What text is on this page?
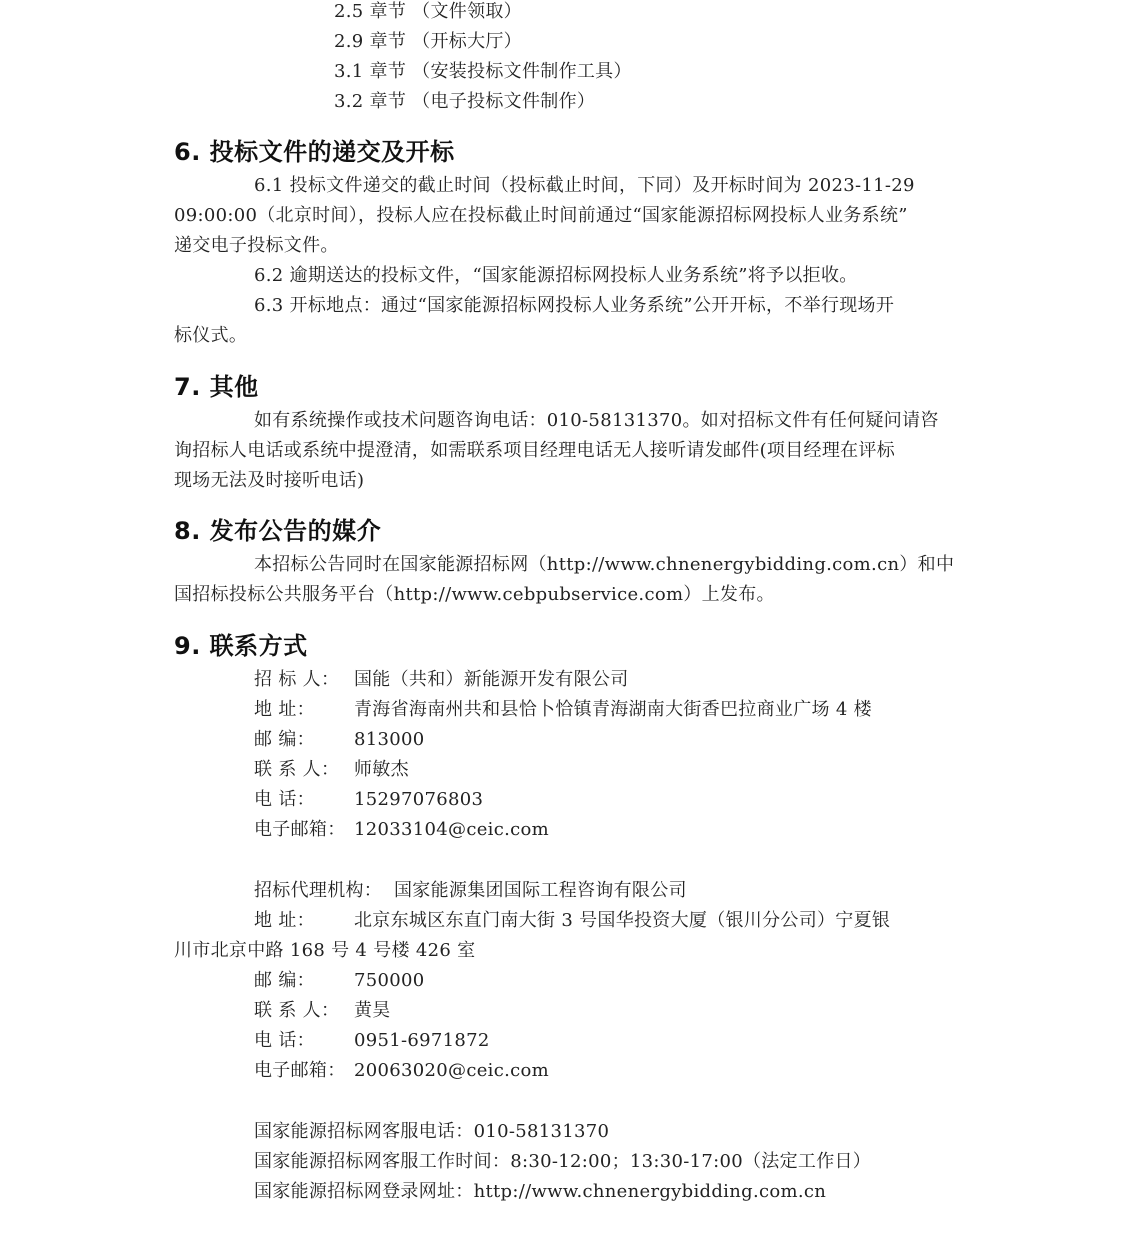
2.5 章节 （文件领取）
2.9 章节 （开标大厅）
3.1 章节 （安装投标文件制作工具）
3.2 章节 （电子投标文件制作）
6. 投标文件的递交及开标
6.1 投标文件递交的截止时间（投标截止时间，下同）及开标时间为 2023-11-29
09:00:00（北京时间），投标人应在投标截止时间前通过“国家能源招标网投标人业务系统”
递交电子投标文件。
6.2 逾期送达的投标文件，“国家能源招标网投标人业务系统”将予以拒收。
6.3 开标地点：通过“国家能源招标网投标人业务系统”公开开标，不举行现场开
标仪式。
7. 其他
如有系统操作或技术问题咨询电话：010-58131370。如对招标文件有任何疑问请咨
询招标人电话或系统中提澄清，如需联系项目经理电话无人接听请发邮件(项目经理在评标
现场无法及时接听电话)
8. 发布公告的媒介
本招标公告同时在国家能源招标网（http://www.chnenergybidding.com.cn）和中
国招标投标公共服务平台（http://www.cebpubservice.com）上发布。
9. 联系方式
招 标 人： 国能（共和）新能源开发有限公司
地 址： 青海省海南州共和县恰卜恰镇青海湖南大街香巴拉商业广场 4 楼
邮 编： 813000
联 系 人： 师敏杰
电 话： 15297076803
电子邮箱： 12033104@ceic.com
招标代理机构： 国家能源集团国际工程咨询有限公司
地 址： 北京东城区东直门南大街 3 号国华投资大厦（银川分公司）宁夏银
川市北京中路 168 号 4 号楼 426 室
邮 编： 750000
联 系 人： 黄昊
电 话： 0951-6971872
电子邮箱： 20063020@ceic.com
国家能源招标网客服电话：010-58131370
国家能源招标网客服工作时间：8:30-12:00；13:30-17:00（法定工作日）
国家能源招标网登录网址：http://www.chnenergybidding.com.cn
